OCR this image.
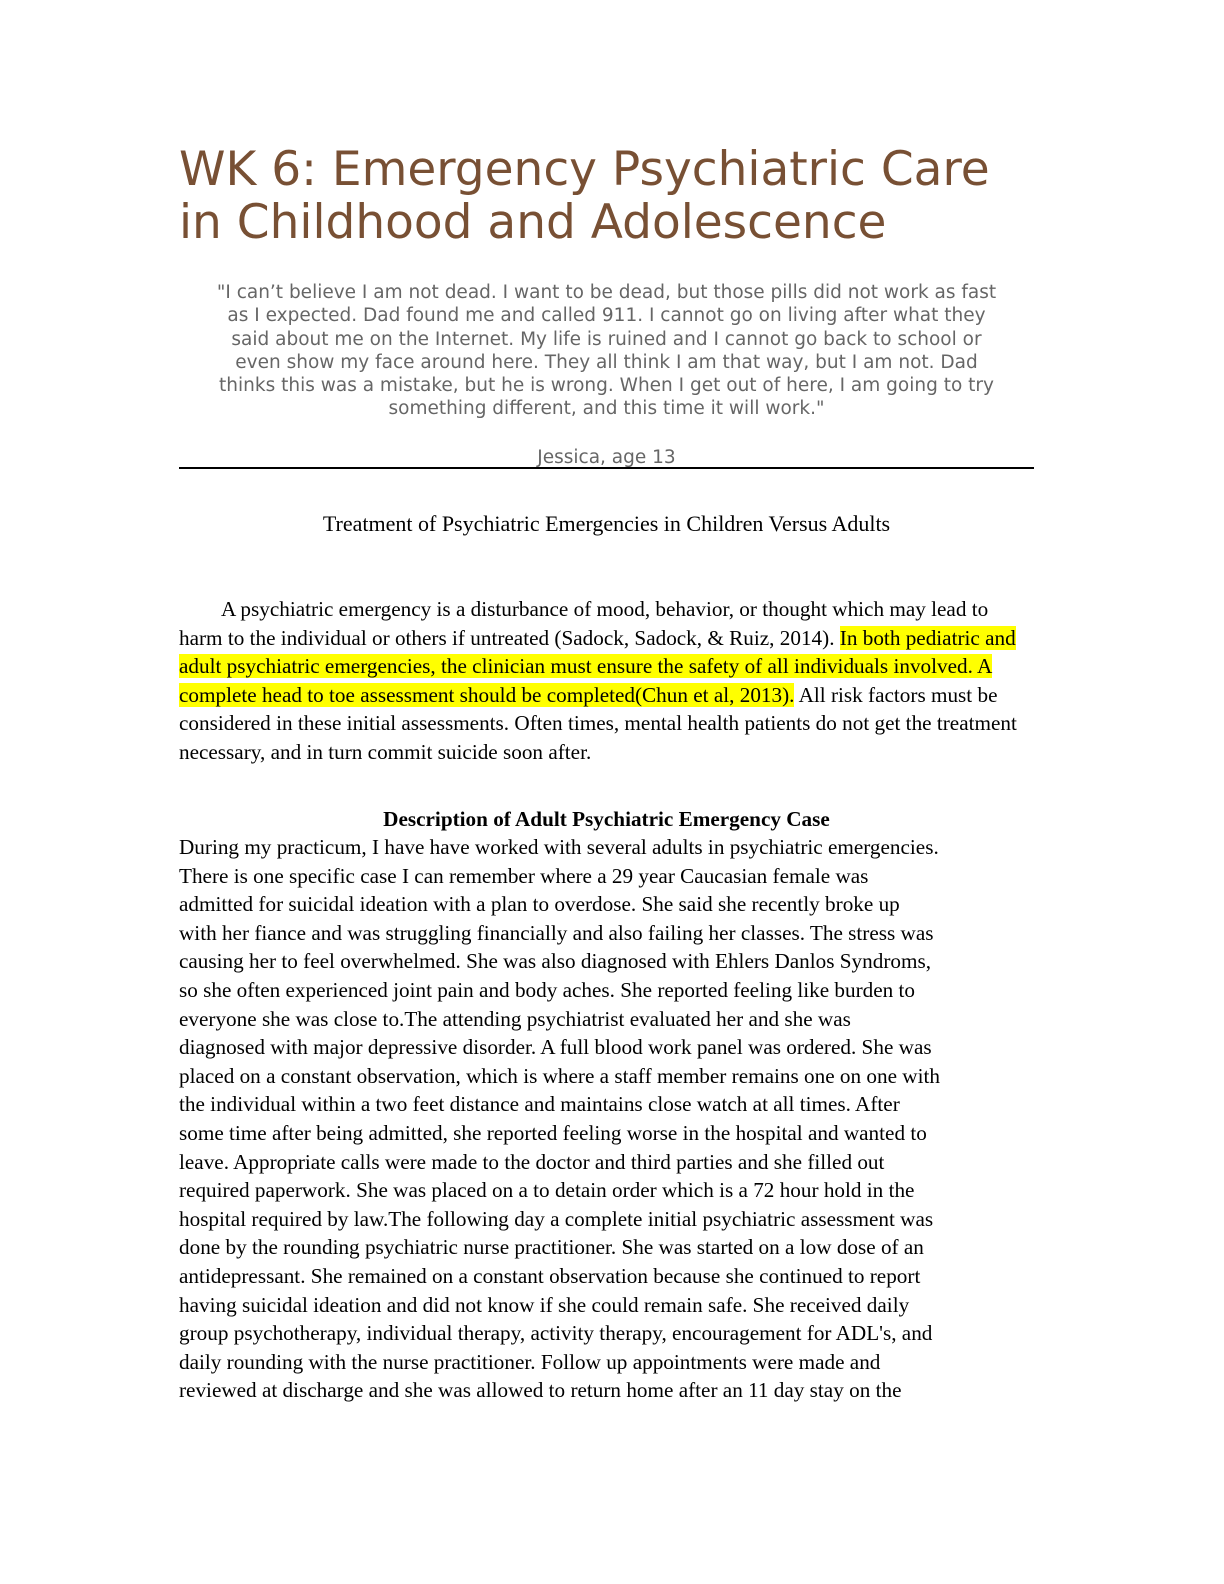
WK 6: Emergency Psychiatric Care
in Childhood and Adolescence
"I can’t believe I am not dead. I want to be dead, but those pills did not work as fast
as I expected. Dad found me and called 911. I cannot go on living after what they
said about me on the Internet. My life is ruined and I cannot go back to school or
even show my face around here. They all think I am that way, but I am not. Dad
thinks this was a mistake, but he is wrong. When I get out of here, I am going to try
something different, and this time it will work."
Jessica, age 13
Treatment of Psychiatric Emergencies in Children Versus Adults

A psychiatric emergency is a disturbance of mood, behavior, or thought which may lead to harm to the individual or others if untreated (Sadock, Sadock, & Ruiz, 2014). In both pediatric and adult psychiatric emergencies, the clinician must ensure the safety of all individuals involved. A complete head to toe assessment should be completed(Chun et al, 2013). All risk factors must be considered in these initial assessments. Often times, mental health patients do not get the treatment necessary, and in turn commit suicide soon after.

Description of Adult Psychiatric Emergency Case
During my practicum, I have have worked with several adults in psychiatric emergencies.
There is one specific case I can remember where a 29 year Caucasian female was
admitted for suicidal ideation with a plan to overdose. She said she recently broke up
with her fiance and was struggling financially and also failing her classes. The stress was
causing her to feel overwhelmed. She was also diagnosed with Ehlers Danlos Syndroms,
so she often experienced joint pain and body aches. She reported feeling like burden to
everyone she was close to.The attending psychiatrist evaluated her and she was
diagnosed with major depressive disorder. A full blood work panel was ordered. She was
placed on a constant observation, which is where a staff member remains one on one with
the individual within a two feet distance and maintains close watch at all times. After
some time after being admitted, she reported feeling worse in the hospital and wanted to
leave. Appropriate calls were made to the doctor and third parties and she filled out
required paperwork. She was placed on a to detain order which is a 72 hour hold in the
hospital required by law.The following day a complete initial psychiatric assessment was
done by the rounding psychiatric nurse practitioner. She was started on a low dose of an
antidepressant. She remained on a constant observation because she continued to report
having suicidal ideation and did not know if she could remain safe. She received daily
group psychotherapy, individual therapy, activity therapy, encouragement for ADL's, and
daily rounding with the nurse practitioner. Follow up appointments were made and
reviewed at discharge and she was allowed to return home after an 11 day stay on the
